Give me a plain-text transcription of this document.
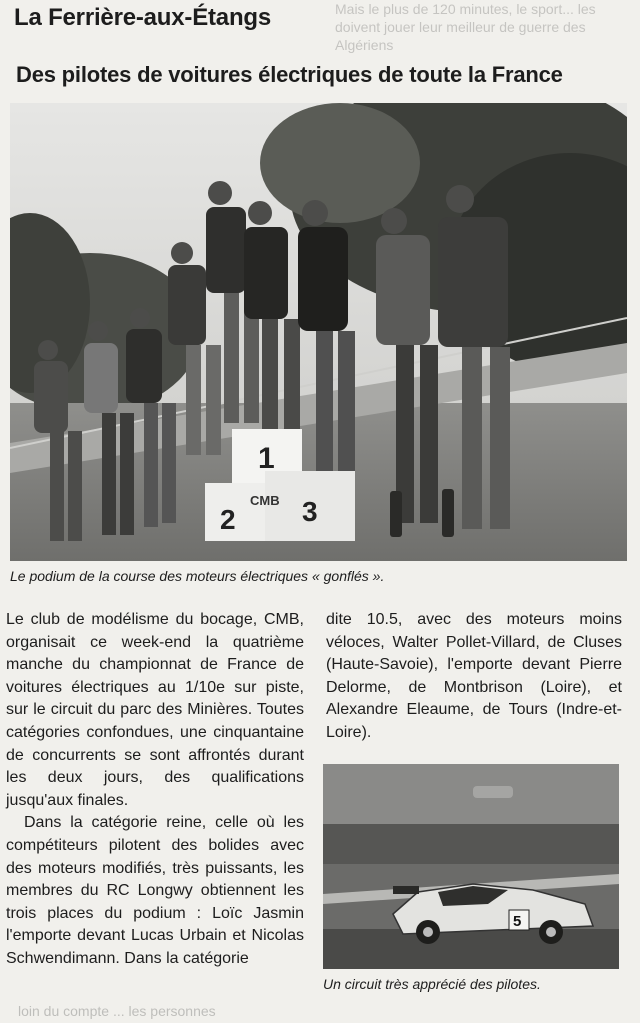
Mais le plus de 120 minutes, le sport... les doivent jouer leur meilleur de guerre des Algériens
La Ferrière-aux-Étangs
Des pilotes de voitures électriques de toute la France
1
2 3
CMB
Le podium de la course des moteurs électriques « gonflés ».

Le club de modélisme du bocage, CMB, organisait ce week-end la quatrième manche du championnat de France de voitures électriques au 1/10e sur piste, sur le circuit du parc des Minières. Toutes catégories confondues, une cinquantaine de concurrents se sont affrontés durant les deux jours, des qualifications jusqu'aux finales.

Dans la catégorie reine, celle où les compétiteurs pilotent des bolides avec des moteurs modifiés, très puissants, les membres du RC Longwy obtiennent les trois places du podium : Loïc Jasmin l'emporte devant Lucas Urbain et Nicolas Schwendimann. Dans la catégorie

dite 10.5, avec des moteurs moins véloces, Walter Pollet-Villard, de Cluses (Haute-Savoie), l'emporte devant Pierre Delorme, de Montbrison (Loire), et Alexandre Eleaume, de Tours (Indre-et-Loire).

5
Un circuit très apprécié des pilotes.
loin du compte ... les personnes
